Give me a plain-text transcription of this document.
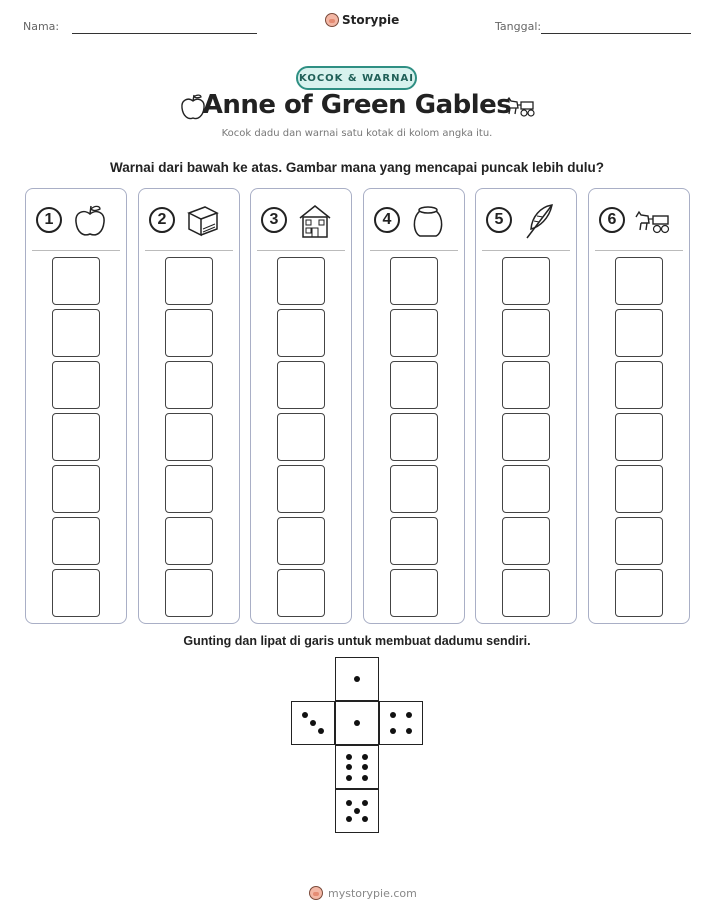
Nama:	Storypie	Tanggal:
KOCOK & WARNAI
Anne of Green Gables
Kocok dadu dan warnai satu kotak di kolom angka itu.
Warnai dari bawah ke atas. Gambar mana yang mencapai puncak lebih dulu?
1	2	3	4	5	6
Gunting dan lipat di garis untuk membuat dadumu sendiri.
mystorypie.com
